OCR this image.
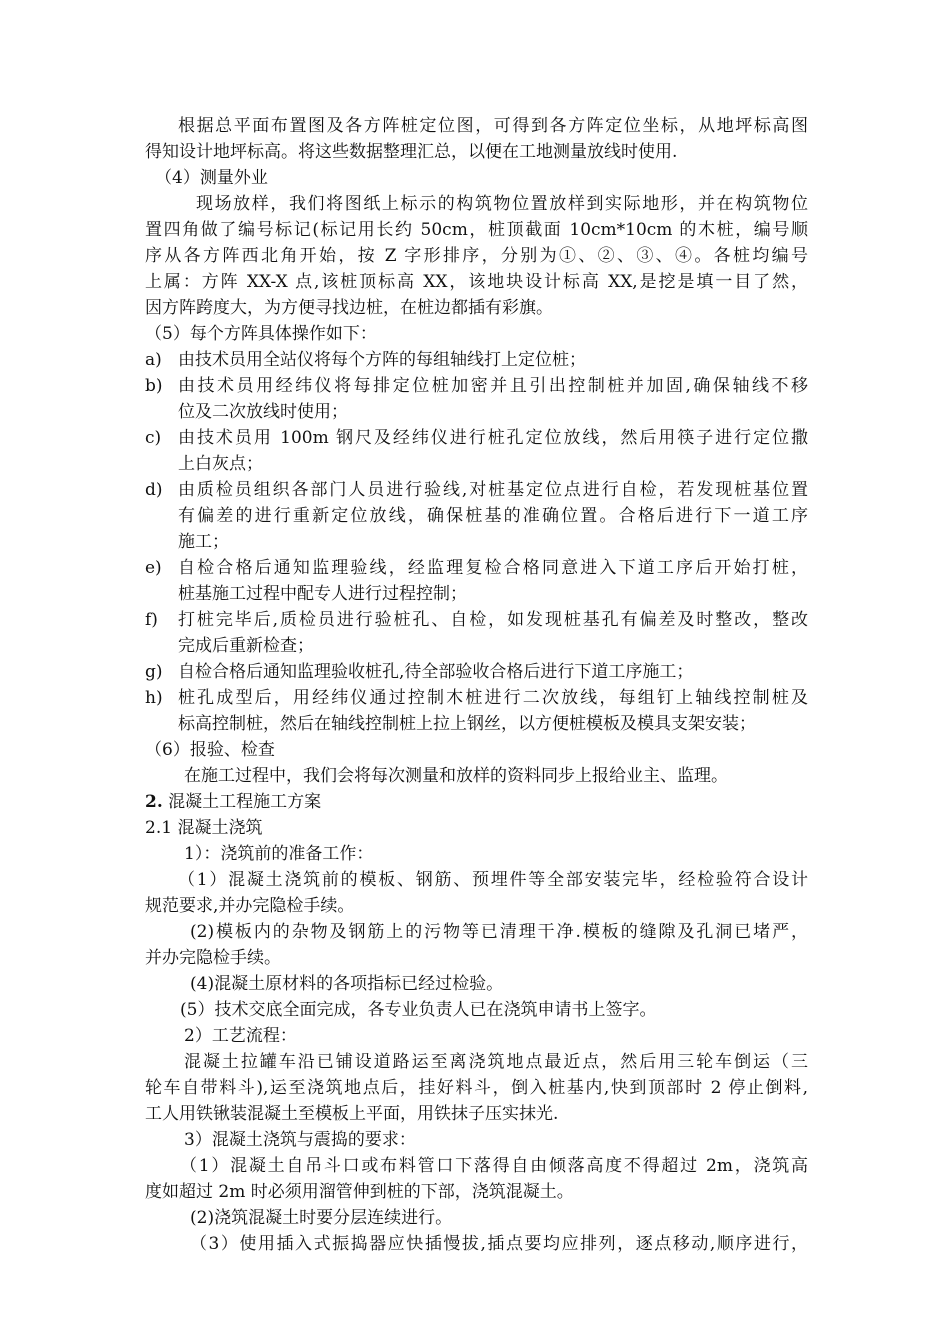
根据总平面布置图及各方阵桩定位图，可得到各方阵定位坐标，从地坪标高图
得知设计地坪标高。将这些数据整理汇总，以便在工地测量放线时使用.
（4）测量外业
现场放样，我们将图纸上标示的构筑物位置放样到实际地形，并在构筑物位
置四角做了编号标记(标记用长约 50cm，桩顶截面 10cm*10cm 的木桩，编号顺
序从各方阵西北角开始，按 Z 字形排序，分别为①、②、③、④。各桩均编号
上属：方阵 XX-X 点,该桩顶标高 XX，该地块设计标高 XX,是挖是填一目了然，
因方阵跨度大，为方便寻找边桩，在桩边都插有彩旗。
（5）每个方阵具体操作如下：
a) 由技术员用全站仪将每个方阵的每组轴线打上定位桩；
b) 由技术员用经纬仪将每排定位桩加密并且引出控制桩并加固,确保轴线不移
位及二次放线时使用；
c) 由技术员用 100m 钢尺及经纬仪进行桩孔定位放线，然后用筷子进行定位撒
上白灰点；
d) 由质检员组织各部门人员进行验线,对桩基定位点进行自检，若发现桩基位置
有偏差的进行重新定位放线，确保桩基的准确位置。合格后进行下一道工序
施工；
e) 自检合格后通知监理验线，经监理复检合格同意进入下道工序后开始打桩，
桩基施工过程中配专人进行过程控制；
f) 打桩完毕后,质检员进行验桩孔、自检，如发现桩基孔有偏差及时整改，整改
完成后重新检查；
g) 自检合格后通知监理验收桩孔,待全部验收合格后进行下道工序施工；
h) 桩孔成型后，用经纬仪通过控制木桩进行二次放线，每组钉上轴线控制桩及
标高控制桩，然后在轴线控制桩上拉上钢丝，以方便桩模板及模具支架安装；
（6）报验、检查
在施工过程中，我们会将每次测量和放样的资料同步上报给业主、监理。
2. 混凝土工程施工方案
2.1 混凝土浇筑
1）：浇筑前的准备工作：
（1）混凝土浇筑前的模板、钢筋、预埋件等全部安装完毕，经检验符合设计
规范要求,并办完隐检手续。
(2)模板内的杂物及钢筋上的污物等已清理干净.模板的缝隙及孔洞已堵严，
并办完隐检手续。
(4)混凝土原材料的各项指标已经过检验。
(5）技术交底全面完成，各专业负责人已在浇筑申请书上签字。
2）工艺流程：
混凝土拉罐车沿已铺设道路运至离浇筑地点最近点，然后用三轮车倒运（三
轮车自带料斗),运至浇筑地点后，挂好料斗，倒入桩基内,快到顶部时 2 停止倒料,
工人用铁锹装混凝土至模板上平面，用铁抹子压实抹光.
3）混凝土浇筑与震捣的要求：
（1）混凝土自吊斗口或布料管口下落得自由倾落高度不得超过 2m，浇筑高
度如超过 2m 时必须用溜管伸到桩的下部，浇筑混凝土。
(2)浇筑混凝土时要分层连续进行。
（3）使用插入式振捣器应快插慢拔,插点要均应排列，逐点移动,顺序进行，
